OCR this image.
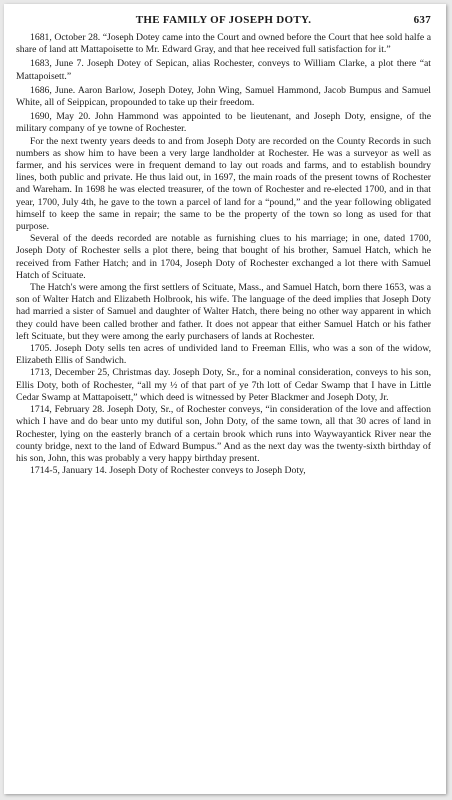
THE FAMILY OF JOSEPH DOTY.	637

1681, October 28. “Joseph Dotey came into the Court and owned before the Court that hee sold halfe a share of land att Mattapoisette to Mr. Edward Gray, and that hee received full satisfaction for it.”

1683, June 7. Joseph Dotey of Sepican, alias Rochester, conveys to William Clarke, a plot there “at Mattapoisett.”

1686, June. Aaron Barlow, Joseph Dotey, John Wing, Samuel Hammond, Jacob Bumpus and Samuel White, all of Seippican, propounded to take up their freedom.

1690, May 20. John Hammond was appointed to be lieutenant, and Joseph Doty, ensigne, of the military company of ye towne of Rochester.

For the next twenty years deeds to and from Joseph Doty are recorded on the County Records in such numbers as show him to have been a very large landholder at Rochester. He was a surveyor as well as farmer, and his services were in frequent demand to lay out roads and farms, and to establish boundry lines, both public and private. He thus laid out, in 1697, the main roads of the present towns of Rochester and Wareham. In 1698 he was elected treasurer, of the town of Rochester and re-elected 1700, and in that year, 1700, July 4th, he gave to the town a parcel of land for a “pound,” and the year following obligated himself to keep the same in repair; the same to be the property of the town so long as used for that purpose.

Several of the deeds recorded are notable as furnishing clues to his marriage; in one, dated 1700, Joseph Doty of Rochester sells a plot there, being that bought of his brother, Samuel Hatch, which he received from Father Hatch; and in 1704, Joseph Doty of Rochester exchanged a lot there with Samuel Hatch of Scituate.

The Hatch's were among the first settlers of Scituate, Mass., and Samuel Hatch, born there 1653, was a son of Walter Hatch and Elizabeth Holbrook, his wife. The language of the deed implies that Joseph Doty had married a sister of Samuel and daughter of Walter Hatch, there being no other way apparent in which they could have been called brother and father. It does not appear that either Samuel Hatch or his father left Scituate, but they were among the early purchasers of lands at Rochester.

1705. Joseph Doty sells ten acres of undivided land to Freeman Ellis, who was a son of the widow, Elizabeth Ellis of Sandwich.

1713, December 25, Christmas day. Joseph Doty, Sr., for a nominal consideration, conveys to his son, Ellis Doty, both of Rochester, “all my ½ of that part of ye 7th lott of Cedar Swamp that I have in Little Cedar Swamp at Mattapoisett,” which deed is witnessed by Peter Blackmer and Joseph Doty, Jr.

1714, February 28. Joseph Doty, Sr., of Rochester conveys, “in consideration of the love and affection which I have and do bear unto my dutiful son, John Doty, of the same town, all that 30 acres of land in Rochester, lying on the easterly branch of a certain brook which runs into Waywayantick River near the county bridge, next to the land of Edward Bumpus.” And as the next day was the twenty-sixth birthday of his son, John, this was probably a very happy birthday present.

1714-5, January 14. Joseph Doty of Rochester conveys to Joseph Doty,
